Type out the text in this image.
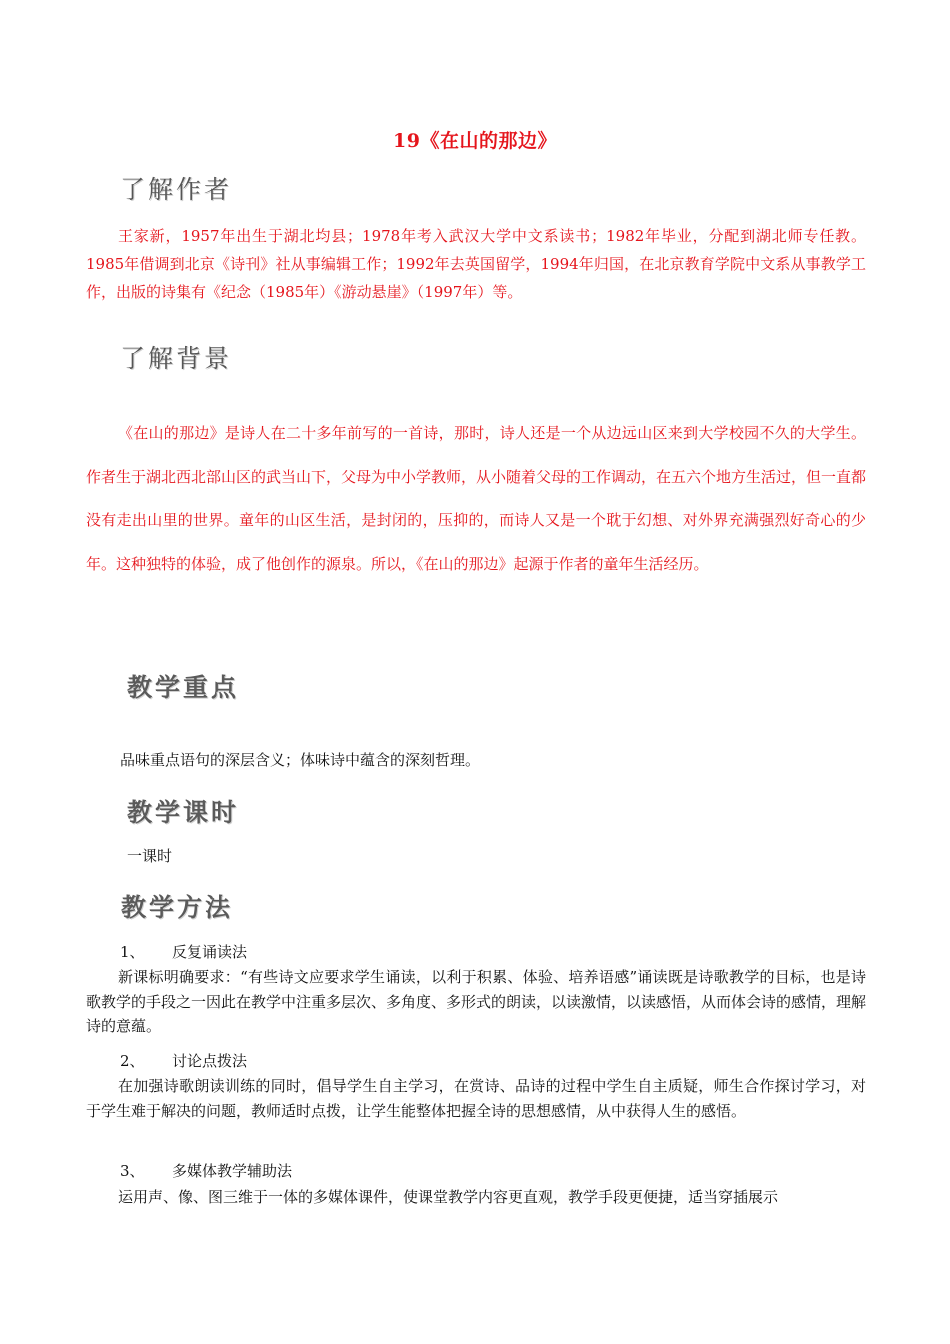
19《在山的那边》
了解作者

王家新，1957年出生于湖北均县；1978年考入武汉大学中文系读书；1982年毕业，分配到湖北师专任教。1985年借调到北京《诗刊》社从事编辑工作；1992年去英国留学，1994年归国，在北京教育学院中文系从事教学工作，出版的诗集有《纪念（1985年）《游动悬崖》（1997年）等。

了解背景

《在山的那边》是诗人在二十多年前写的一首诗，那时，诗人还是一个从边远山区来到大学校园不久的大学生。作者生于湖北西北部山区的武当山下，父母为中小学教师，从小随着父母的工作调动，在五六个地方生活过，但一直都没有走出山里的世界。童年的山区生活，是封闭的，压抑的，而诗人又是一个耽于幻想、对外界充满强烈好奇心的少年。这种独特的体验，成了他创作的源泉。所以，《在山的那边》起源于作者的童年生活经历。

教学重点

品味重点语句的深层含义；体味诗中蕴含的深刻哲理。

教学课时

一课时

教学方法
1、 反复诵读法

新课标明确要求：“有些诗文应要求学生诵读，以利于积累、体验、培养语感”诵读既是诗歌教学的目标，也是诗歌教学的手段之一因此在教学中注重多层次、多角度、多形式的朗读，以读激情，以读感悟，从而体会诗的感情，理解诗的意蕴。

2、 讨论点拨法

在加强诗歌朗读训练的同时，倡导学生自主学习，在赏诗、品诗的过程中学生自主质疑，师生合作探讨学习，对于学生难于解决的问题，教师适时点拨，让学生能整体把握全诗的思想感情，从中获得人生的感悟。

3、 多媒体教学辅助法

运用声、像、图三维于一体的多媒体课件，使课堂教学内容更直观，教学手段更便捷，适当穿插展示
